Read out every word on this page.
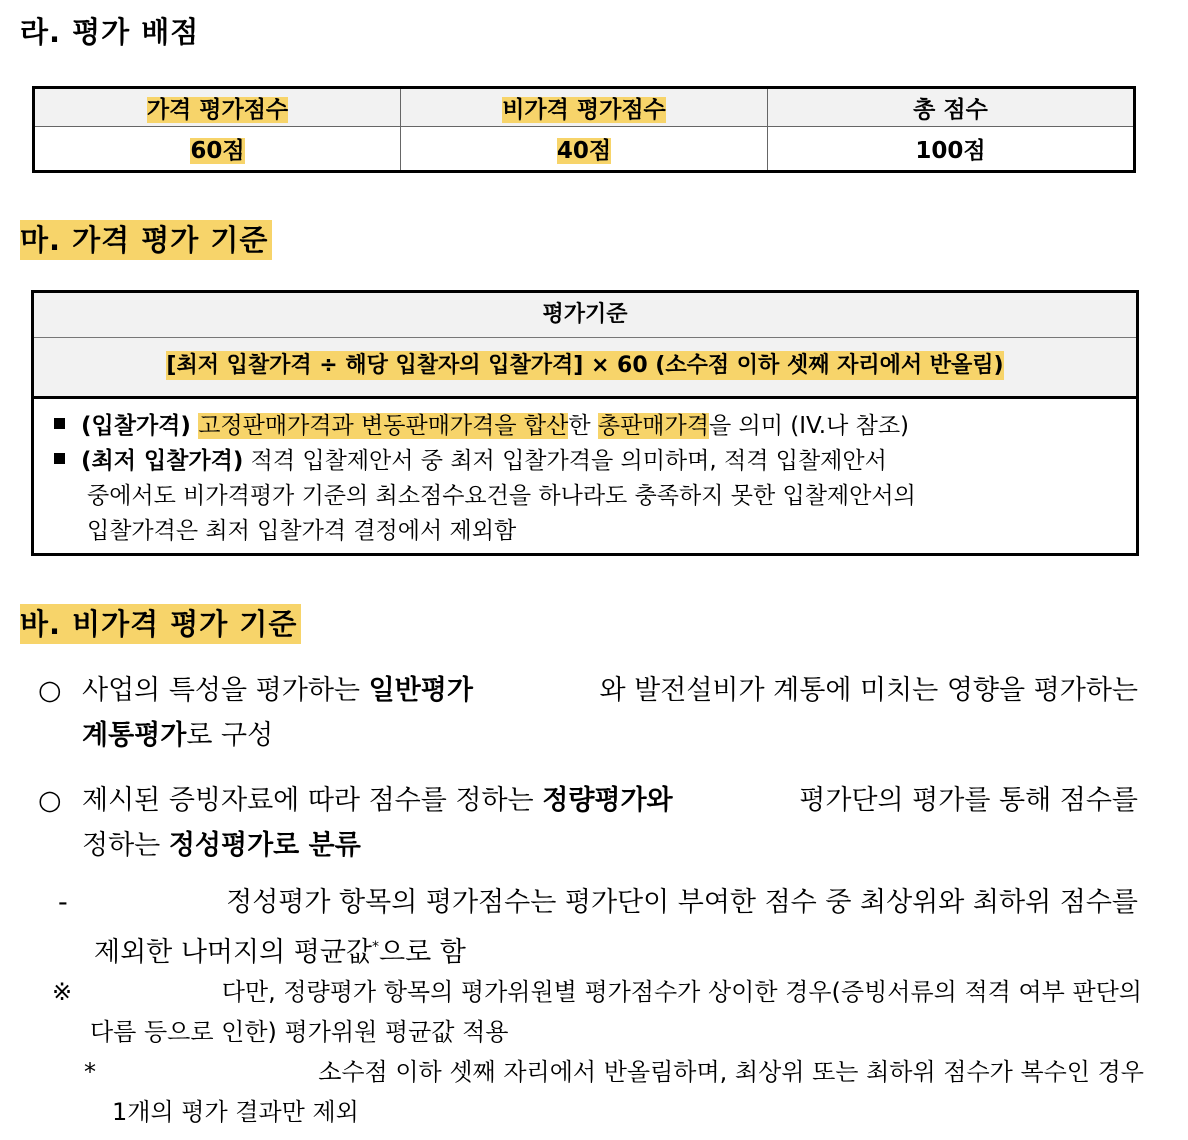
라. 평가 배점
가격 평가점수	비가격 평가점수	총 점수
60점	40점	100점
마. 가격 평가 기준
평가기준
[최저 입찰가격 ÷ 해당 입찰자의 입찰가격] × 60 (소수점 이하 셋째 자리에서 반올림)
(입찰가격) 고정판매가격과 변동판매가격을 합산한 총판매가격을 의미 (IV.나 참조)
(최저 입찰가격) 적격 입찰제안서 중 최저 입찰가격을 의미하며, 적격 입찰제안서
중에서도 비가격평가 기준의 최소점수요건을 하나라도 충족하지 못한 입찰제안서의
입찰가격은 최저 입찰가격 결정에서 제외함
바. 비가격 평가 기준
○ 사업의 특성을 평가하는 일반평가	와 발전설비가 계통에 미치는 영향을 평가하는
계통평가로 구성
○ 제시된 증빙자료에 따라 점수를 정하는 정량평가와	평가단의 평가를 통해 점수를
정하는 정성평가로 분류
-	정성평가 항목의 평가점수는 평가단이 부여한 점수 중 최상위와 최하위 점수를
제외한 나머지의 평균값*으로 함
※	다만, 정량평가 항목의 평가위원별 평가점수가 상이한 경우(증빙서류의 적격 여부 판단의
다름 등으로 인한) 평가위원 평균값 적용
*	소수점 이하 셋째 자리에서 반올림하며, 최상위 또는 최하위 점수가 복수인 경우
1개의 평가 결과만 제외
